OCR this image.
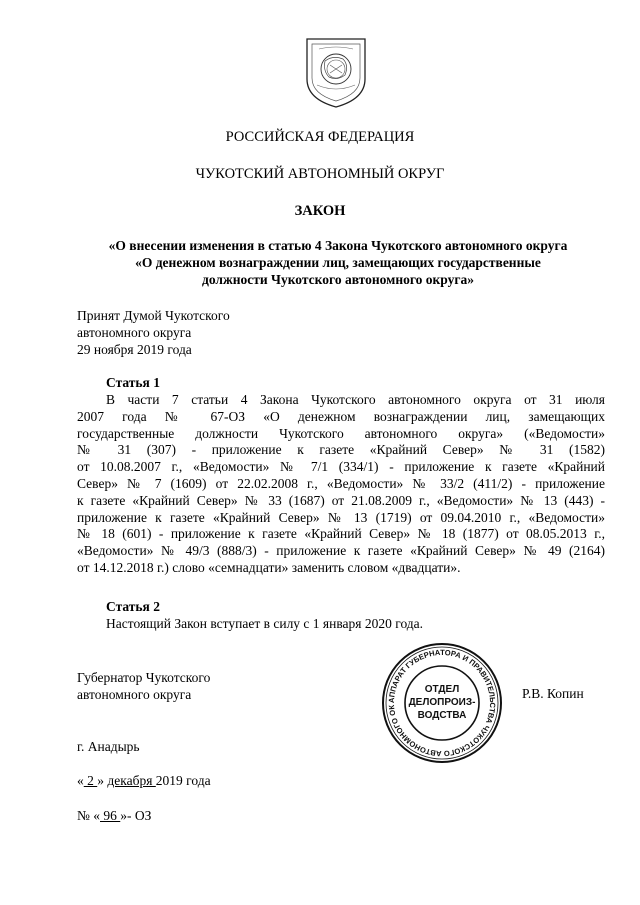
РОССИЙСКАЯ ФЕДЕРАЦИЯ
ЧУКОТСКИЙ АВТОНОМНЫЙ ОКРУГ
ЗАКОН
«О внесении изменения в статью 4 Закона Чукотского автономного округа
«О денежном вознаграждении лиц, замещающих государственные
должности Чукотского автономного округа»
Принят Думой Чукотского
автономного округа
29 ноября 2019 года
Статья 1
В части 7 статьи 4 Закона Чукотского автономного округа от 31 июля
2007 года № 67-ОЗ «О денежном вознаграждении лиц, замещающих
государственные должности Чукотского автономного округа» («Ведомости»
№ 31 (307) - приложение к газете «Крайний Север» № 31 (1582)
от 10.08.2007 г., «Ведомости» № 7/1 (334/1) - приложение к газете «Крайний
Север» № 7 (1609) от 22.02.2008 г., «Ведомости» № 33/2 (411/2) - приложение
к газете «Крайний Север» № 33 (1687) от 21.08.2009 г., «Ведомости» № 13 (443) -
приложение к газете «Крайний Север» № 13 (1719) от 09.04.2010 г., «Ведомости»
№ 18 (601) - приложение к газете «Крайний Север» № 18 (1877) от 08.05.2013 г.,
«Ведомости» № 49/3 (888/3) - приложение к газете «Крайний Север» № 49 (2164)
от 14.12.2018 г.) слово «семнадцати» заменить словом «двадцати».
Статья 2
Настоящий Закон вступает в силу с 1 января 2020 года.
Губернатор Чукотского
автономного округа	АППАРАТ ГУБЕРНАТОРА И ПРАВИТЕЛЬСТВА ЧУКОТСКОГО АВТОНОМНОГО ОК
ОТДЕЛ
ДЕЛОПРОИЗ-
ВОДСТВА
Р.В. Копин
г. Анадырь
« 2 » декабря 2019 года
№ « 96 »- ОЗ
